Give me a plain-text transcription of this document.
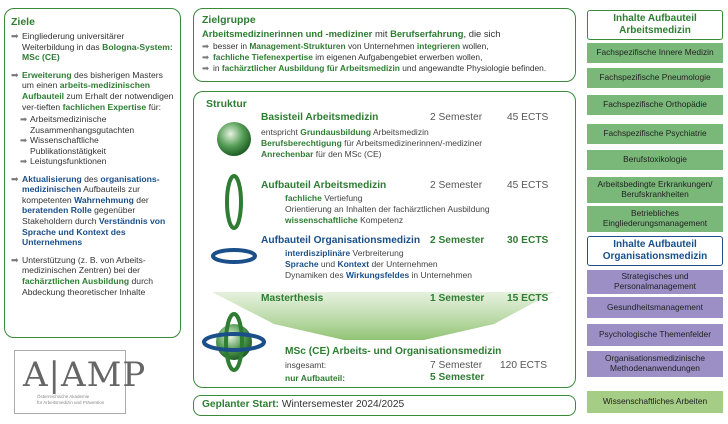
Ziele
➡ Eingliederung universitärer Weiterbildung in das Bologna-System: MSc (CE)
➡ Erweiterung des bisherigen Masters um einen arbeits-medizinischen Aufbauteil zum Erhalt der notwendigen ver-tieften fachlichen Expertise für:
➡ Arbeitsmedizinische Zusammenhangsgutachten
➡ Wissenschaftliche Publikationstätigkeit
➡ Leistungsfunktionen
➡ Aktualisierung des organisations-medizinischen Aufbauteils zur kompetenten Wahrnehmung der beratenden Rolle gegenüber Stakeholdern durch Verständnis von Sprache und Kontext des Unternehmens
➡ Unterstützung (z. B. von Arbeits-medizinischen Zentren) bei der fachärztlichen Ausbildung durch Abdeckung theoretischer Inhalte
A|AMP
Österreichische Akademie
für Arbeitsmedizin und Prävention
Zielgruppe
Arbeitsmedizinerinnen und -mediziner mit Berufserfahrung, die sich
➡ besser in Management-Strukturen von Unternehmen integrieren wollen,
➡ fachliche Tiefenexpertise im eigenen Aufgabengebiet erwerben wollen,
➡ in fachärztlicher Ausbildung für Arbeitsmedizin und angewandte Physiologie befinden.
Struktur
Basisteil Arbeitsmedizin	2 Semester 45 ECTS
entspricht Grundausbildung Arbeitsmedizin
Berufsberechtigung für Arbeitsmedizinerinnen/-mediziner
Anrechenbar für den MSc (CE)
Aufbauteil Arbeitsmedizin	2 Semester 45 ECTS
fachliche Vertiefung
Orientierung an Inhalten der fachärztlichen Ausbildung
wissenschaftliche Kompetenz
Aufbauteil Organisationsmedizin 2 Semester 30 ECTS
interdisziplinäre Verbreiterung
Sprache und Kontext der Unternehmen
Dynamiken des Wirkungsfeldes in Unternehmen
Masterthesis	1 Semester 15 ECTS
MSc (CE) Arbeits- und Organisationsmedizin
insgesamt:	7 Semester 120 ECTS
nur Aufbauteil:	5 Semester
Geplanter Start: Wintersemester 2024/2025
Inhalte Aufbauteil Arbeitsmedizin
Fachspezifische Innere Medizin
Fachspezifische Pneumologie
Fachspezifische Orthopädie
Fachspezifische Psychiatrie
Berufstoxikologie
Arbeitsbedingte Erkrankungen/ Berufskrankheiten
Betriebliches Eingliederungsmanagement
Inhalte Aufbauteil Organisationsmedizin
Strategisches und Personalmanagement
Gesundheitsmanagement
Psychologische Themenfelder
Organisationsmedizinische Methodenanwendungen
Wissenschaftliches Arbeiten
